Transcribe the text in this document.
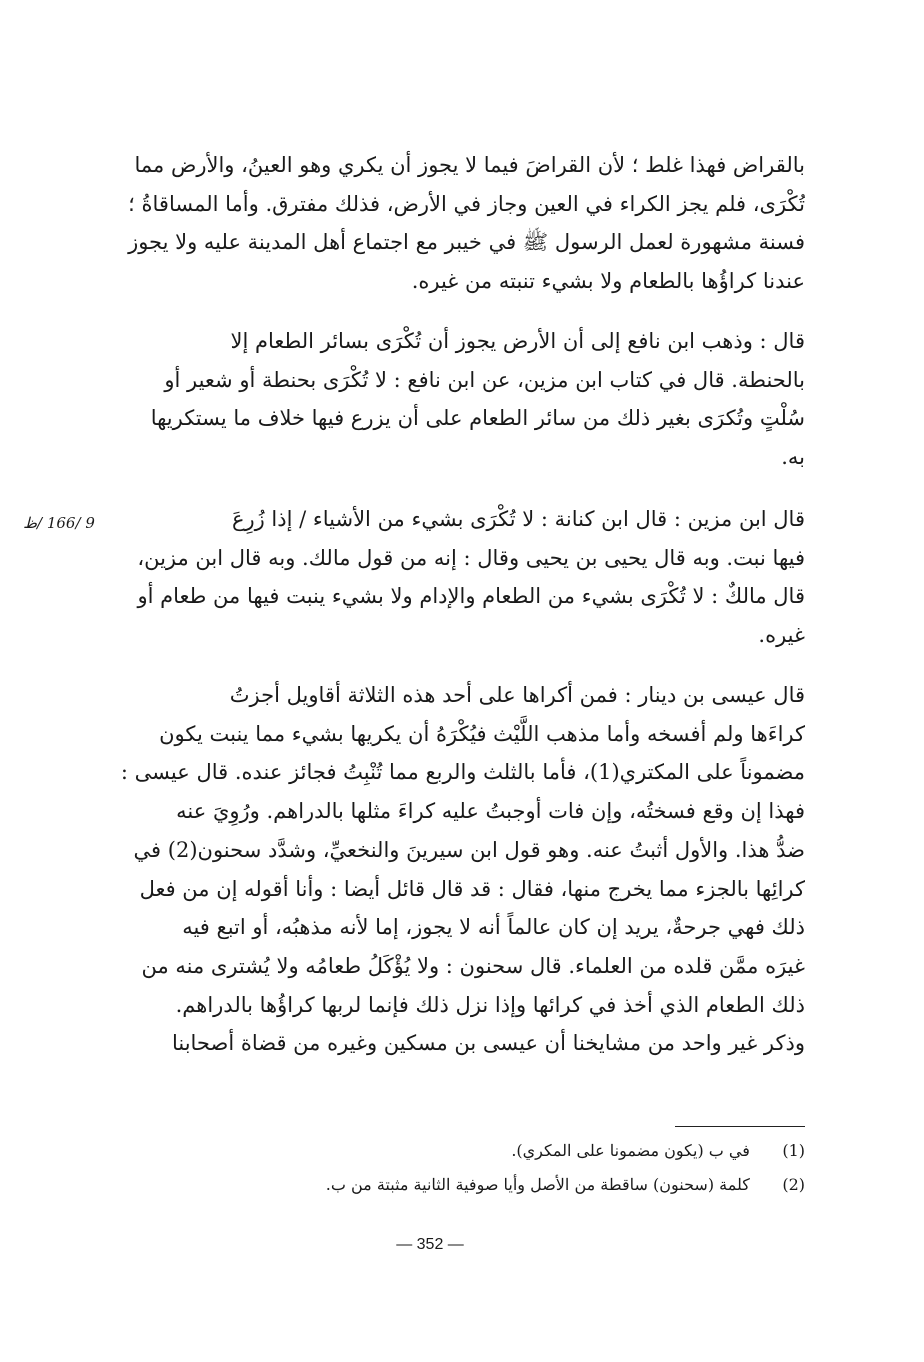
9 /166 /ظ

بالقراض فهذا غلط ؛ لأن القراضَ فيما لا يجوز أن يكري وهو العينُ، والأرض مما
تُكْرَى، فلم يجز الكراء في العين وجاز في الأرض، فذلك مفترق. وأما المساقاةُ ؛
فسنة مشهورة لعمل الرسول ﷺ في خيبر مع اجتماع أهل المدينة عليه ولا يجوز
عندنا كراؤُها بالطعام ولا بشيء تنبته من غيره.

قال : وذهب ابن نافع إلى أن الأرض يجوز أن تُكْرَى بسائر الطعام إلا
بالحنطة. قال في كتاب ابن مزين، عن ابن نافع : لا تُكْرَى بحنطة أو شعير أو
سُلْتٍ وتُكرَى بغير ذلك من سائر الطعام على أن يزرع فيها خلاف ما يستكريها
به.

قال ابن مزين : قال ابن كنانة : لا تُكْرَى بشيء من الأشياء / إذا زُرِعَ
فيها نبت. وبه قال يحيى بن يحيى وقال : إنه من قول مالك. وبه قال ابن مزين،
قال مالكٌ : لا تُكْرَى بشيء من الطعام والإدام ولا بشيء ينبت فيها من طعام أو
غيره.

قال عيسى بن دينار : فمن أكراها على أحد هذه الثلاثة أقاويل أجزتُ
كراءَها ولم أفسخه وأما مذهب اللَّيْث فيُكْرَهُ أن يكريها بشيء مما ينبت يكون
مضموناً على المكتري(1)، فأما بالثلث والربع مما تُنْبِتُ فجائز عنده. قال عيسى :
فهذا إن وقع فسختُه، وإن فات أوجبتُ عليه كراءَ مثلها بالدراهم. ورُوِيَ عنه
ضدُّ هذا. والأول أثبتُ عنه. وهو قول ابن سيرينَ والنخعيِّ، وشدَّد سحنون(2) في
كرائِها بالجزء مما يخرج منها، فقال : قد قال قائل أيضا : وأنا أقوله إن من فعل
ذلك فهي جرحةٌ، يريد إن كان عالماً أنه لا يجوز، إما لأنه مذهبُه، أو اتبع فيه
غيرَه ممَّن قلده من العلماء. قال سحنون : ولا يُؤْكَلُ طعامُه ولا يُشترى منه من
ذلك الطعام الذي أخذ في كرائها وإذا نزل ذلك فإنما لربها كراؤُها بالدراهم.
وذكر غير واحد من مشايخنا أن عيسى بن مسكين وغيره من قضاة أصحابنا

(1) في ب (يكون مضمونا على المكري).
(2) كلمة (سحنون) ساقطة من الأصل وأيا صوفية الثانية مثبتة من ب.
— 352 —
